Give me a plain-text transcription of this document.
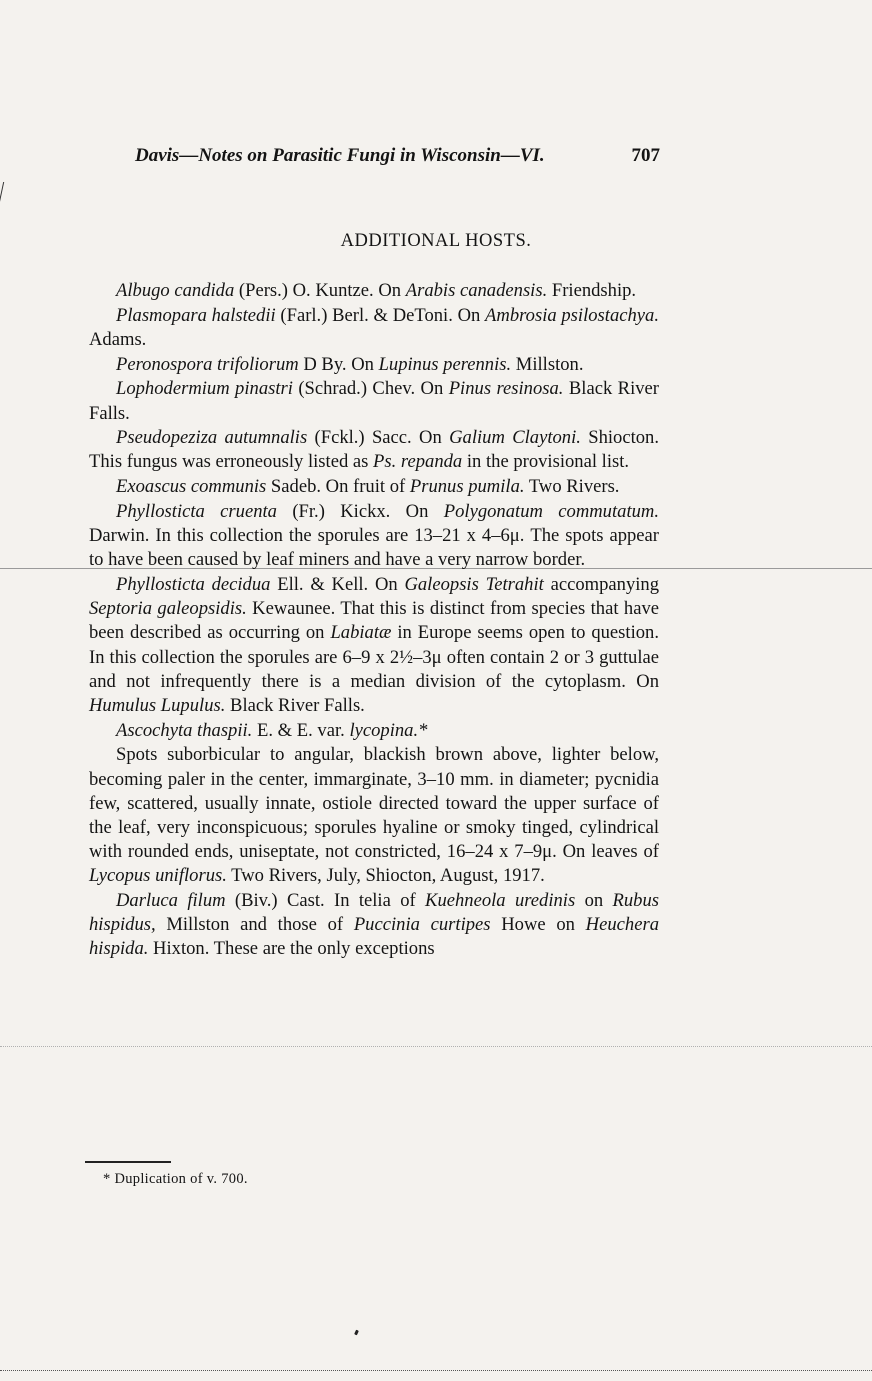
Davis—Notes on Parasitic Fungi in Wisconsin—VI.	707
ADDITIONAL HOSTS.

Albugo candida (Pers.) O. Kuntze. On Arabis canadensis. Friendship.

Plasmopara halstedii (Farl.) Berl. & DeToni. On Ambrosia psilostachya. Adams.

Peronospora trifoliorum D By. On Lupinus perennis. Millston.

Lophodermium pinastri (Schrad.) Chev. On Pinus resinosa. Black River Falls.

Pseudopeziza autumnalis (Fckl.) Sacc. On Galium Claytoni. Shiocton. This fungus was erroneously listed as Ps. repanda in the provisional list.

Exoascus communis Sadeb. On fruit of Prunus pumila. Two Rivers.

Phyllosticta cruenta (Fr.) Kickx. On Polygonatum commutatum. Darwin. In this collection the sporules are 13–21 x 4–6μ. The spots appear to have been caused by leaf miners and have a very narrow border.

Phyllosticta decidua Ell. & Kell. On Galeopsis Tetrahit accompanying Septoria galeopsidis. Kewaunee. That this is distinct from species that have been described as occurring on Labiatæ in Europe seems open to question. In this collection the sporules are 6–9 x 2½–3μ often contain 2 or 3 guttulae and not infrequently there is a median division of the cytoplasm. On Humulus Lupulus. Black River Falls.

Ascochyta thaspii. E. & E. var. lycopina.*

Spots suborbicular to angular, blackish brown above, lighter below, becoming paler in the center, immarginate, 3–10 mm. in diameter; pycnidia few, scattered, usually innate, ostiole directed toward the upper surface of the leaf, very inconspicuous; sporules hyaline or smoky tinged, cylindrical with rounded ends, uniseptate, not constricted, 16–24 x 7–9μ. On leaves of Lycopus uniflorus. Two Rivers, July, Shiocton, August, 1917.

Darluca filum (Biv.) Cast. In telia of Kuehneola uredinis on Rubus hispidus, Millston and those of Puccinia curtipes Howe on Heuchera hispida. Hixton. These are the only exceptions

* Duplication of v. 700.
